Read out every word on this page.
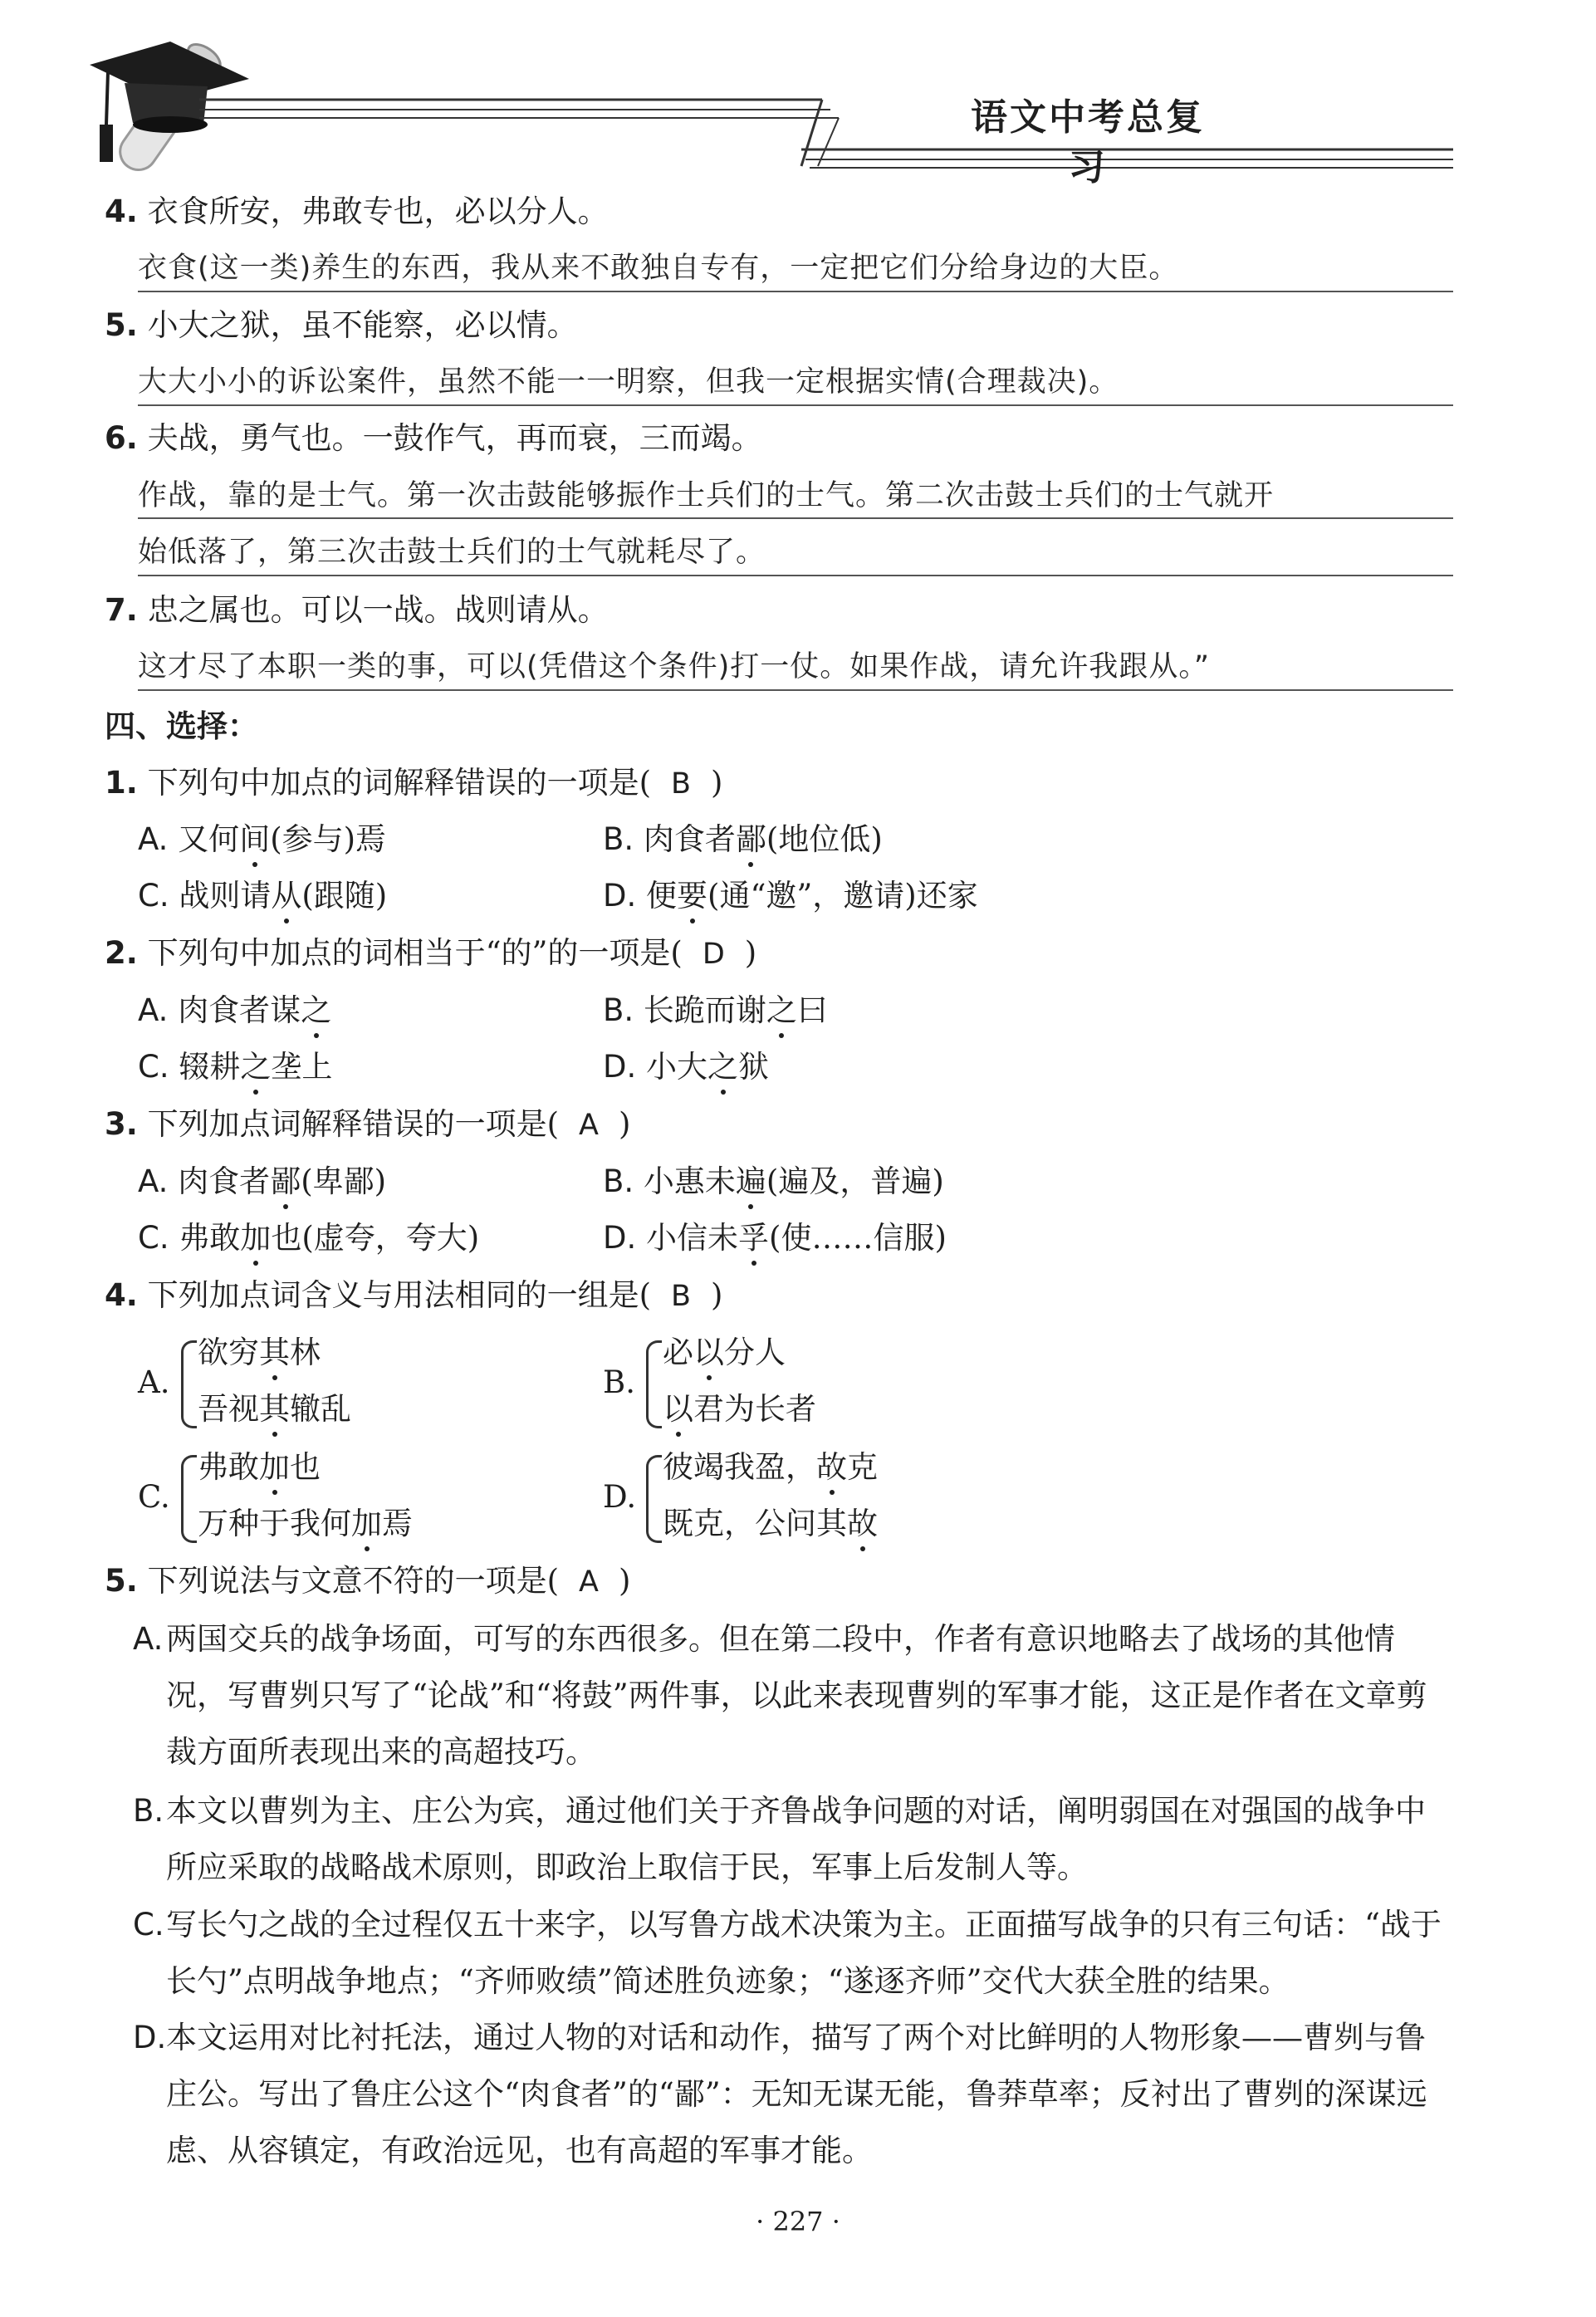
语文中考总复习
4. 衣食所安，弗敢专也，必以分人。
衣食(这一类)养生的东西，我从来不敢独自专有，一定把它们分给身边的大臣。
5. 小大之狱，虽不能察，必以情。
大大小小的诉讼案件，虽然不能一一明察，但我一定根据实情(合理裁决)。
6. 夫战，勇气也。一鼓作气，再而衰，三而竭。
作战，靠的是士气。第一次击鼓能够振作士兵们的士气。第二次击鼓士兵们的士气就开
始低落了，第三次击鼓士兵们的士气就耗尽了。
7. 忠之属也。可以一战。战则请从。
这才尽了本职一类的事，可以(凭借这个条件)打一仗。如果作战，请允许我跟从。”
四、选择：
1. 下列句中加点的词解释错误的一项是( B )
A. 又何间(参与)焉	B. 肉食者鄙(地位低)
C. 战则请从(跟随)	D. 便要(通“邀”，邀请)还家
2. 下列句中加点的词相当于“的”的一项是( D )
A. 肉食者谋之	B. 长跪而谢之曰
C. 辍耕之垄上	D. 小大之狱
3. 下列加点词解释错误的一项是( A )
A. 肉食者鄙(卑鄙)	B. 小惠未遍(遍及，普遍)
C. 弗敢加也(虚夸，夸大)	D. 小信未孚(使……信服)
4. 下列加点词含义与用法相同的一组是( B )
A.
欲穷其林
吾视其辙乱
B.
必以分人
以君为长者
C.
弗敢加也
万种于我何加焉
D.
彼竭我盈，故克
既克，公问其故
5. 下列说法与文意不符的一项是( A )
A. 两国交兵的战争场面，可写的东西很多。但在第二段中，作者有意识地略去了战场的其他情况，写曹刿只写了“论战”和“将鼓”两件事，以此来表现曹刿的军事才能，这正是作者在文章剪裁方面所表现出来的高超技巧。
B. 本文以曹刿为主、庄公为宾，通过他们关于齐鲁战争问题的对话，阐明弱国在对强国的战争中所应采取的战略战术原则，即政治上取信于民，军事上后发制人等。
C. 写长勺之战的全过程仅五十来字，以写鲁方战术决策为主。正面描写战争的只有三句话：“战于长勺”点明战争地点；“齐师败绩”简述胜负迹象；“遂逐齐师”交代大获全胜的结果。
D. 本文运用对比衬托法，通过人物的对话和动作，描写了两个对比鲜明的人物形象——曹刿与鲁庄公。写出了鲁庄公这个“肉食者”的“鄙”：无知无谋无能，鲁莽草率；反衬出了曹刿的深谋远虑、从容镇定，有政治远见，也有高超的军事才能。
· 227 ·
